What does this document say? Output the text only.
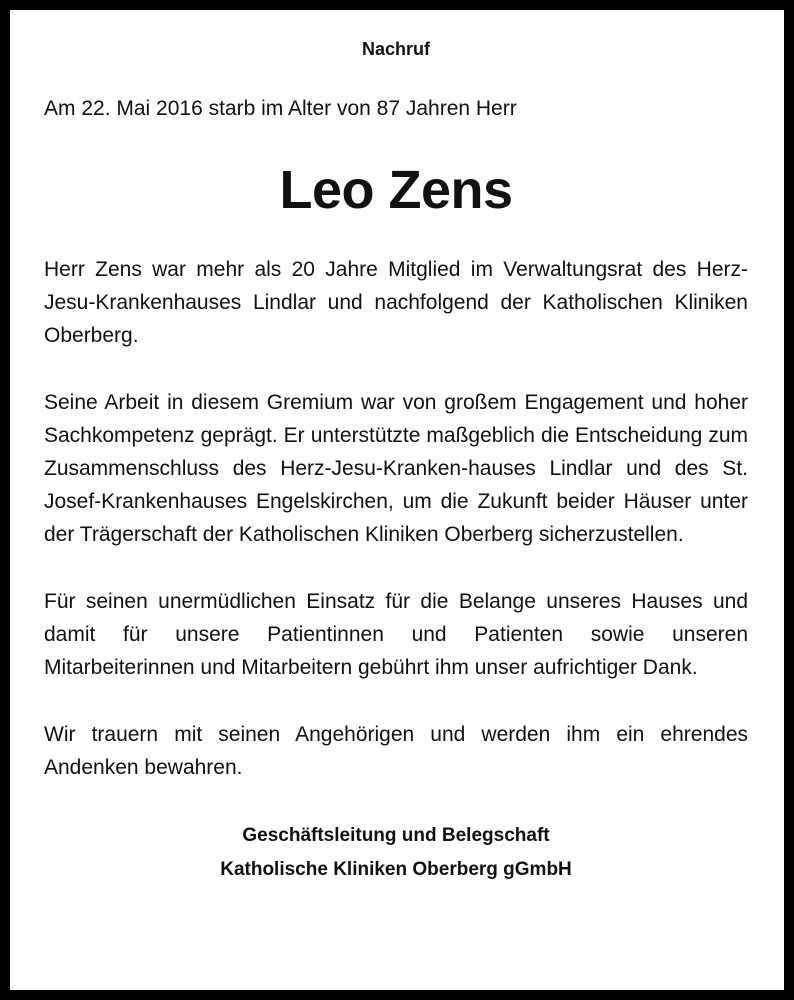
Nachruf

Am 22. Mai 2016 starb im Alter von 87 Jahren Herr

Leo Zens

Herr Zens war mehr als 20 Jahre Mitglied im Verwaltungsrat des Herz-Jesu-Krankenhauses Lindlar und nachfolgend der Katholischen Kliniken Oberberg.

Seine Arbeit in diesem Gremium war von großem Engagement und hoher Sachkompetenz geprägt. Er unterstützte maßgeblich die Entscheidung zum Zusammenschluss des Herz-Jesu-Kranken-hauses Lindlar und des St. Josef-Krankenhauses Engelskirchen, um die Zukunft beider Häuser unter der Trägerschaft der Katholischen Kliniken Oberberg sicherzustellen.

Für seinen unermüdlichen Einsatz für die Belange unseres Hauses und damit für unsere Patientinnen und Patienten sowie unseren Mitarbeiterinnen und Mitarbeitern gebührt ihm unser aufrichtiger Dank.

Wir trauern mit seinen Angehörigen und werden ihm ein ehrendes Andenken bewahren.

Geschäftsleitung und Belegschaft

Katholische Kliniken Oberberg gGmbH
